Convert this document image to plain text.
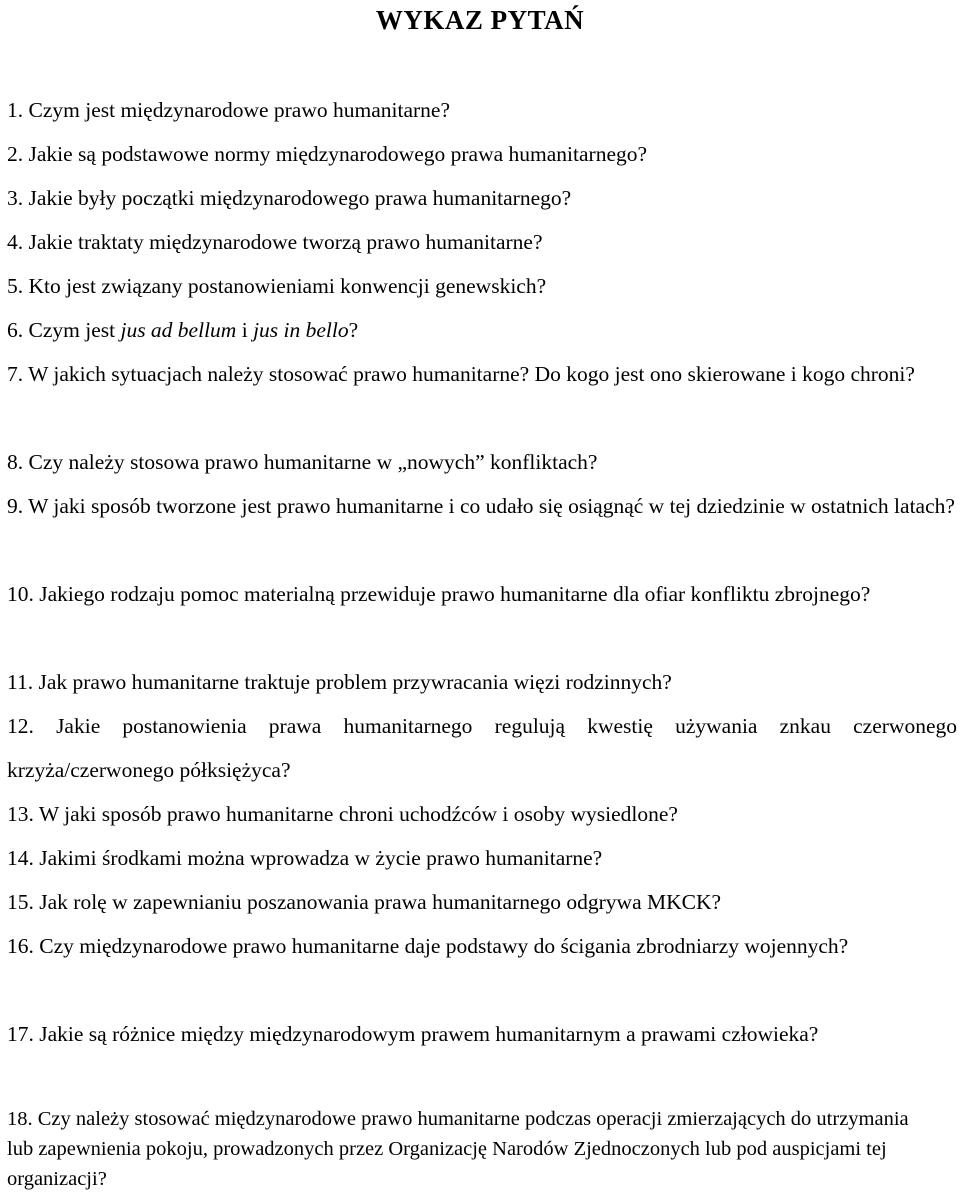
WYKAZ PYTAŃ
1. Czym jest międzynarodowe prawo humanitarne?
2. Jakie są podstawowe normy międzynarodowego prawa humanitarnego?
3. Jakie były początki międzynarodowego prawa humanitarnego?
4. Jakie traktaty międzynarodowe tworzą prawo humanitarne?
5. Kto jest związany postanowieniami konwencji genewskich?
6. Czym jest jus ad bellum i jus in bello?
7. W jakich sytuacjach należy stosować prawo humanitarne? Do kogo jest ono skierowane i kogo chroni?
8. Czy należy stosowa prawo humanitarne w „nowych” konfliktach?
9. W jaki sposób tworzone jest prawo humanitarne i co udało się osiągnąć w tej dziedzinie w ostatnich latach?
10. Jakiego rodzaju pomoc materialną przewiduje prawo humanitarne dla ofiar konfliktu zbrojnego?
11. Jak prawo humanitarne traktuje problem przywracania więzi rodzinnych?
12. Jakie postanowienia prawa humanitarnego regulują kwestię używania znkau czerwonego krzyża/czerwonego półksiężyca?
13. W jaki sposób prawo humanitarne chroni uchodźców i osoby wysiedlone?
14. Jakimi środkami można wprowadza w życie prawo humanitarne?
15. Jak rolę w zapewnianiu poszanowania prawa humanitarnego odgrywa MKCK?
16. Czy międzynarodowe prawo humanitarne daje podstawy do ścigania zbrodniarzy wojennych?
17. Jakie są różnice między międzynarodowym prawem humanitarnym a prawami człowieka?
18. Czy należy stosować międzynarodowe prawo humanitarne podczas operacji zmierzających do utrzymania lub zapewnienia pokoju, prowadzonych przez Organizację Narodów Zjednoczonych lub pod auspicjami tej organizacji?
